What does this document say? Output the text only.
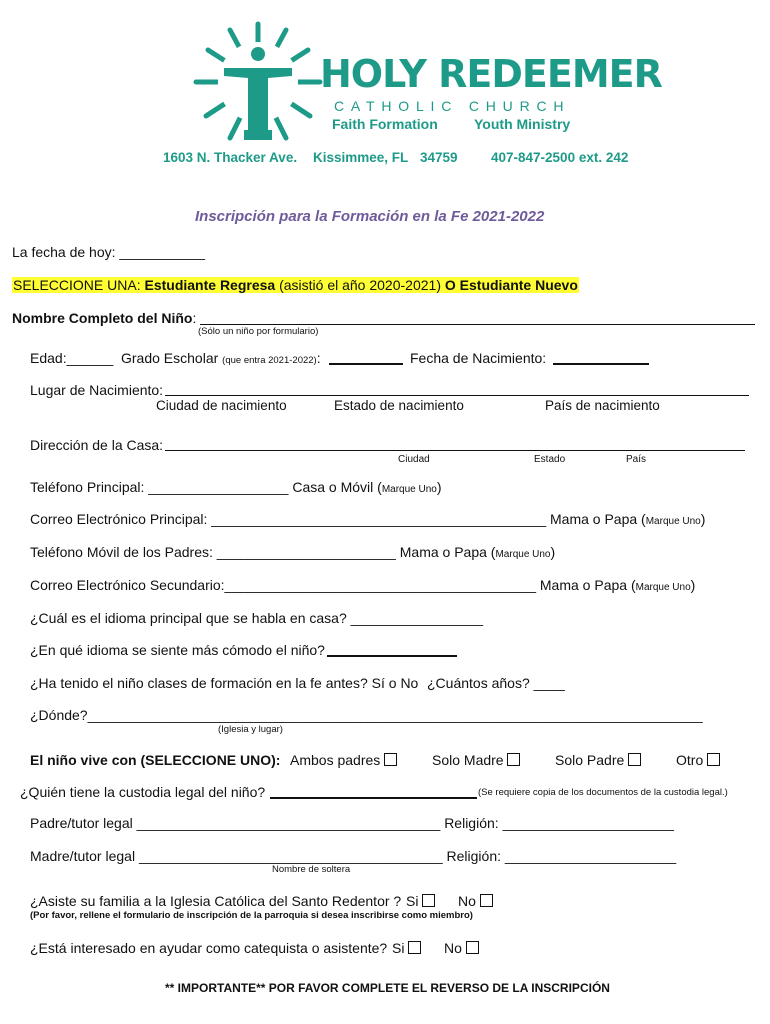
HOLY REDEEMER
CATHOLIC CHURCH
Faith Formation	Youth Ministry
1603 N. Thacker Ave. Kissimmee, FL 34759 407-847-2500 ext. 242
Inscripción para la Formación en la Fe 2021-2022
La fecha de hoy: ___________
SELECCIONE UNA: Estudiante Regresa (asistió el año 2020-2021) O Estudiante Nuevo
Nombre Completo del Niño:
(Sólo un niño por formulario)
Edad:______ Grado Escholar (que entra 2021-2022):	Fecha de Nacimiento:
Lugar de Nacimiento:
Ciudad de nacimiento	Estado de nacimiento	País de nacimiento
Dirección de la Casa:
Ciudad	Estado	País
Teléfono Principal: __________________ Casa o Móvil (Marque Uno)
Correo Electrónico Principal: ___________________________________________ Mama o Papa (Marque Uno)
Teléfono Móvil de los Padres: _______________________ Mama o Papa (Marque Uno)
Correo Electrónico Secundario:________________________________________ Mama o Papa (Marque Uno)
¿Cuál es el idioma principal que se habla en casa? _________________
¿En qué idioma se siente más cómodo el niño?
¿Ha tenido el niño clases de formación en la fe antes? Sí o No ¿Cuántos años? ____
¿Dónde?_______________________________________________________________________________
(Iglesia y lugar)
El niño vive con (SELECCIONE UNO): Ambos padres	Solo Madre	Solo Padre	Otro
¿Quién tiene la custodia legal del niño?	(Se requiere copia de los documentos de la custodia legal.)
Padre/tutor legal _______________________________________ Religión: ______________________
Madre/tutor legal _______________________________________ Religión: ______________________
Nombre de soltera
¿Asiste su familia a la Iglesia Católica del Santo Redentor ? Si	No
(Por favor, rellene el formulario de inscripción de la parroquia si desea inscribirse como miembro)
¿Está interesado en ayudar como catequista o asistente? Si	No
** IMPORTANTE** POR FAVOR COMPLETE EL REVERSO DE LA INSCRIPCIÓN
